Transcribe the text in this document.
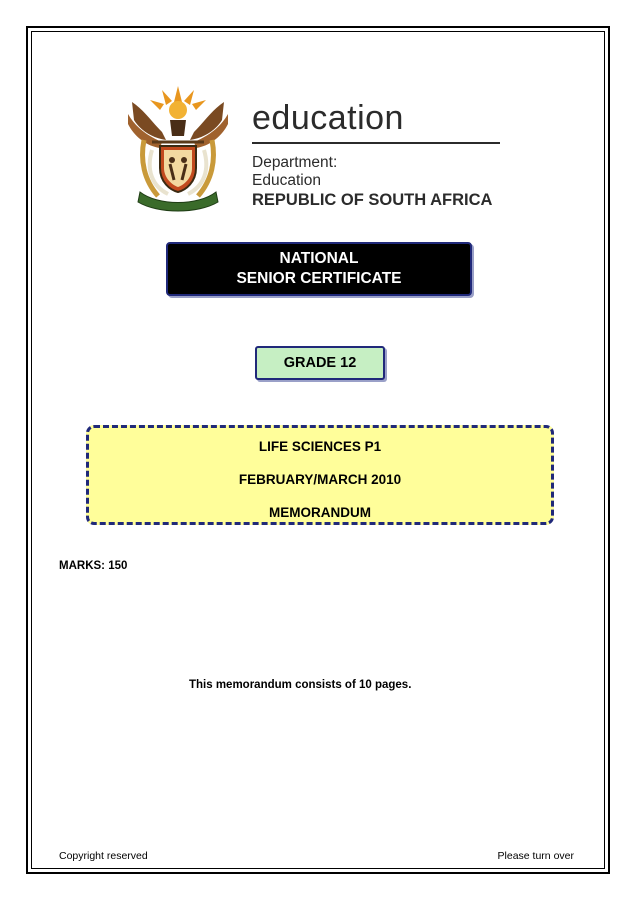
education
Department:
Education
REPUBLIC OF SOUTH AFRICA
NATIONAL
SENIOR CERTIFICATE
GRADE 12
LIFE SCIENCES P1
FEBRUARY/MARCH 2010
MEMORANDUM
MARKS: 150
This memorandum consists of 10 pages.
Copyright reserved	Please turn over
